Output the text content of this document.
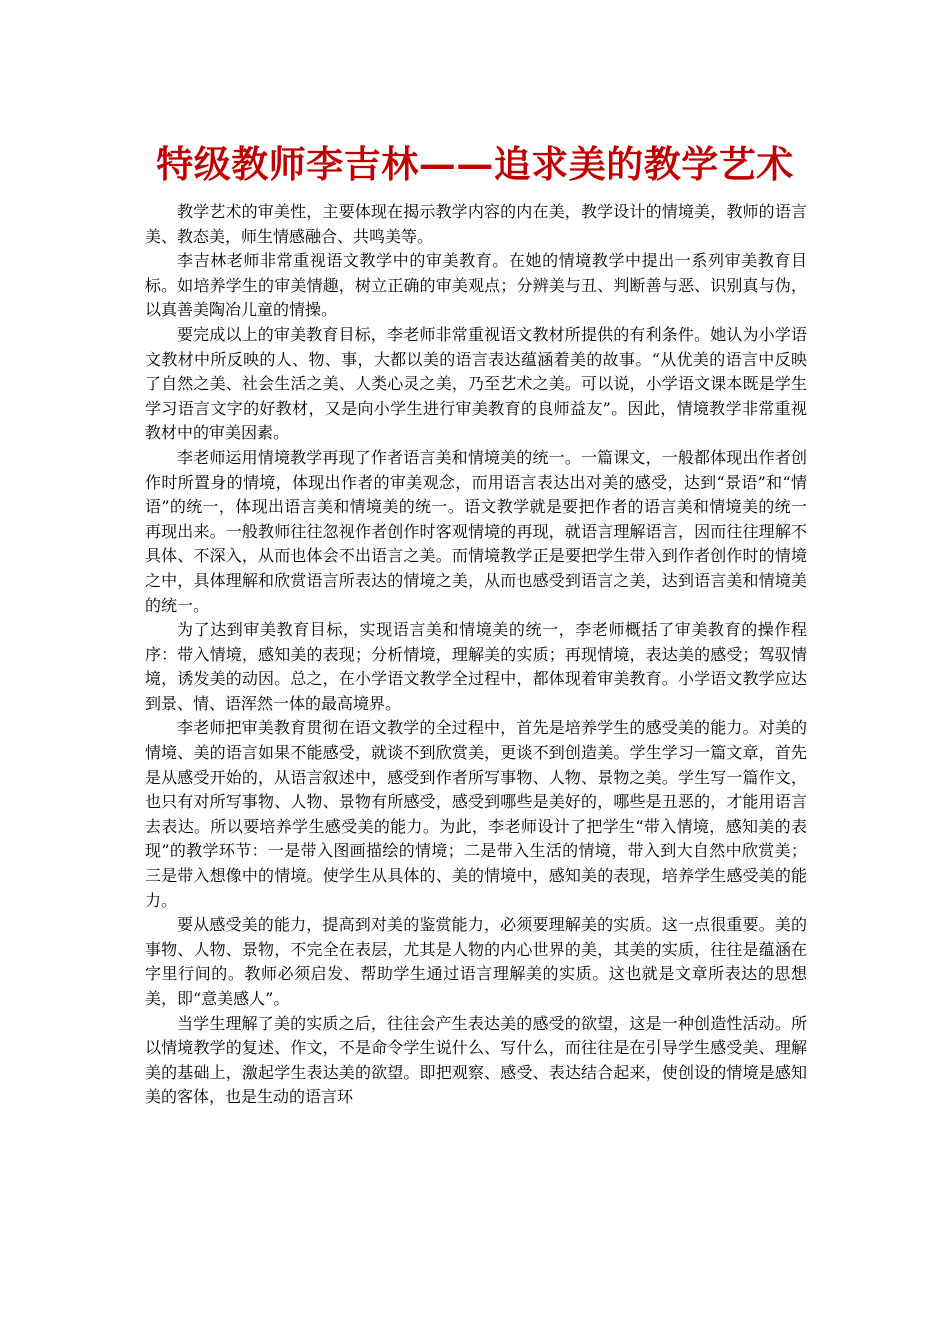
特级教师李吉林——追求美的教学艺术

教学艺术的审美性，主要体现在揭示教学内容的内在美，教学设计的情境美，教师的语言美、教态美，师生情感融合、共鸣美等。

李吉林老师非常重视语文教学中的审美教育。在她的情境教学中提出一系列审美教育目标。如培养学生的审美情趣，树立正确的审美观点；分辨美与丑、判断善与恶、识别真与伪，以真善美陶冶儿童的情操。

要完成以上的审美教育目标，李老师非常重视语文教材所提供的有利条件。她认为小学语文教材中所反映的人、物、事，大都以美的语言表达蕴涵着美的故事。“从优美的语言中反映了自然之美、社会生活之美、人类心灵之美，乃至艺术之美。可以说，小学语文课本既是学生学习语言文字的好教材，又是向小学生进行审美教育的良师益友”。因此，情境教学非常重视教材中的审美因素。

李老师运用情境教学再现了作者语言美和情境美的统一。一篇课文，一般都体现出作者创作时所置身的情境，体现出作者的审美观念，而用语言表达出对美的感受，达到“景语”和“情语”的统一，体现出语言美和情境美的统一。语文教学就是要把作者的语言美和情境美的统一再现出来。一般教师往往忽视作者创作时客观情境的再现，就语言理解语言，因而往往理解不具体、不深入，从而也体会不出语言之美。而情境教学正是要把学生带入到作者创作时的情境之中，具体理解和欣赏语言所表达的情境之美，从而也感受到语言之美，达到语言美和情境美的统一。

为了达到审美教育目标，实现语言美和情境美的统一，李老师概括了审美教育的操作程序：带入情境，感知美的表现；分析情境，理解美的实质；再现情境，表达美的感受；驾驭情境，诱发美的动因。总之，在小学语文教学全过程中，都体现着审美教育。小学语文教学应达到景、情、语浑然一体的最高境界。

李老师把审美教育贯彻在语文教学的全过程中，首先是培养学生的感受美的能力。对美的情境、美的语言如果不能感受，就谈不到欣赏美，更谈不到创造美。学生学习一篇文章，首先是从感受开始的，从语言叙述中，感受到作者所写事物、人物、景物之美。学生写一篇作文，也只有对所写事物、人物、景物有所感受，感受到哪些是美好的，哪些是丑恶的，才能用语言去表达。所以要培养学生感受美的能力。为此，李老师设计了把学生“带入情境，感知美的表现”的教学环节：一是带入图画描绘的情境；二是带入生活的情境，带入到大自然中欣赏美；三是带入想像中的情境。使学生从具体的、美的情境中，感知美的表现，培养学生感受美的能力。

要从感受美的能力，提高到对美的鉴赏能力，必须要理解美的实质。这一点很重要。美的事物、人物、景物，不完全在表层，尤其是人物的内心世界的美，其美的实质，往往是蕴涵在字里行间的。教师必须启发、帮助学生通过语言理解美的实质。这也就是文章所表达的思想美，即“意美感人”。

当学生理解了美的实质之后，往往会产生表达美的感受的欲望，这是一种创造性活动。所以情境教学的复述、作文，不是命令学生说什么、写什么，而往往是在引导学生感受美、理解美的基础上，激起学生表达美的欲望。即把观察、感受、表达结合起来，使创设的情境是感知美的客体，也是生动的语言环
